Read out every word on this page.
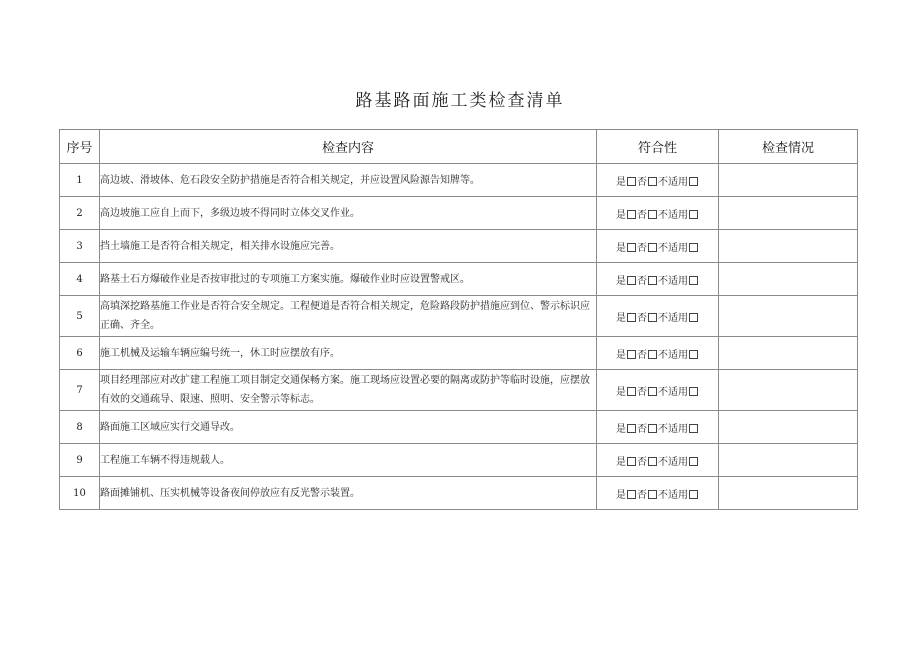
路基路面施工类检查清单
序号	检查内容	符合性	检查情况
1	高边坡、滑坡体、危石段安全防护措施是否符合相关规定，并应设置风险源告知牌等。	是 否 不适用	
2	高边坡施工应自上而下，多级边坡不得同时立体交叉作业。	是 否 不适用	
3	挡土墙施工是否符合相关规定，相关排水设施应完善。	是 否 不适用	
4	路基土石方爆破作业是否按审批过的专项施工方案实施。爆破作业时应设置警戒区。	是 否 不适用	
5	高填深挖路基施工作业是否符合安全规定。工程便道是否符合相关规定，危险路段防护措施应到位、警示标识应正确、齐全。	是 否 不适用	
6	施工机械及运输车辆应编号统一，休工时应摆放有序。	是 否 不适用	
7	项目经理部应对改扩建工程施工项目制定交通保畅方案。施工现场应设置必要的隔离或防护等临时设施，应摆放有效的交通疏导、限速、照明、安全警示等标志。	是 否 不适用	
8	路面施工区域应实行交通导改。	是 否 不适用	
9	工程施工车辆不得违规载人。	是 否 不适用	
10	路面摊铺机、压实机械等设备夜间停放应有反光警示装置。	是 否 不适用	
